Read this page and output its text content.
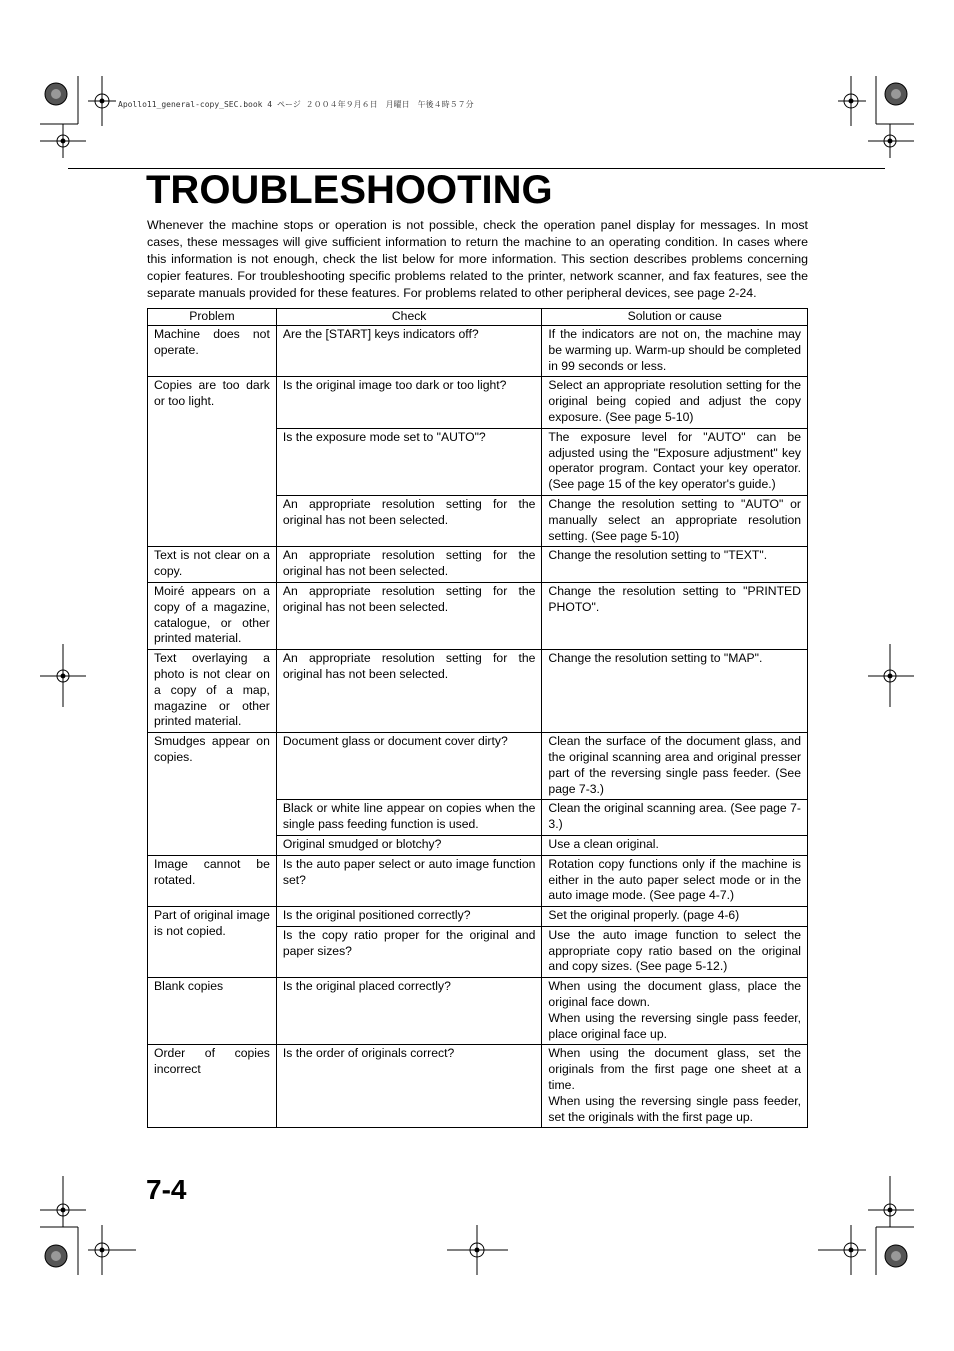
Apollo11_general-copy_SEC.book 4 ページ ２００４年９月６日　月曜日　午後４時５７分
TROUBLESHOOTING

Whenever the machine stops or operation is not possible, check the operation panel display for messages. In most cases, these messages will give sufficient information to return the machine to an operating condition. In cases where this information is not enough, check the list below for more information. This section describes problems concerning copier features. For troubleshooting specific problems related to the printer, network scanner, and fax features, see the separate manuals provided for these features. For problems related to other peripheral devices, see page 2-24.

Problem	Check	Solution or cause
Machine does not operate.	Are the [START] keys indicators off?	If the indicators are not on, the machine may be warming up. Warm-up should be completed in 99 seconds or less.
Copies are too dark or too light.	Is the original image too dark or too light?	Select an appropriate resolution setting for the original being copied and adjust the copy exposure. (See page 5-10)
	Is the exposure mode set to "AUTO"?	The exposure level for "AUTO" can be adjusted using the "Exposure adjustment" key operator program. Contact your key operator. (See page 15 of the key operator's guide.)
	An appropriate resolution setting for the original has not been selected.	Change the resolution setting to "AUTO" or manually select an appropriate resolution setting. (See page 5-10)
Text is not clear on a copy.	An appropriate resolution setting for the original has not been selected.	Change the resolution setting to "TEXT".
Moiré appears on a copy of a magazine, catalogue, or other printed material.	An appropriate resolution setting for the original has not been selected.	Change the resolution setting to "PRINTED PHOTO".
Text overlaying a photo is not clear on a copy of a map, magazine or other printed material.	An appropriate resolution setting for the original has not been selected.	Change the resolution setting to "MAP".
Smudges appear on copies.	Document glass or document cover dirty?	Clean the surface of the document glass, and the original scanning area and original presser part of the reversing single pass feeder. (See page 7-3.)
	Black or white line appear on copies when the single pass feeding function is used.	Clean the original scanning area. (See page 7-3.)
	Original smudged or blotchy?	Use a clean original.
Image cannot be rotated.	Is the auto paper select or auto image function set?	Rotation copy functions only if the machine is either in the auto paper select mode or in the auto image mode. (See page 4-7.)
Part of original image is not copied.	Is the original positioned correctly?	Set the original properly. (page 4-6)
	Is the copy ratio proper for the original and paper sizes?	Use the auto image function to select the appropriate copy ratio based on the original and copy sizes. (See page 5-12.)
Blank copies	Is the original placed correctly?	When using the document glass, place the original face down.
When using the reversing single pass feeder, place original face up.

Order of copies incorrect	Is the order of originals correct?	When using the document glass, set the originals from the first page one sheet at a time.
When using the reversing single pass feeder, set the originals with the first page up.
7-4
